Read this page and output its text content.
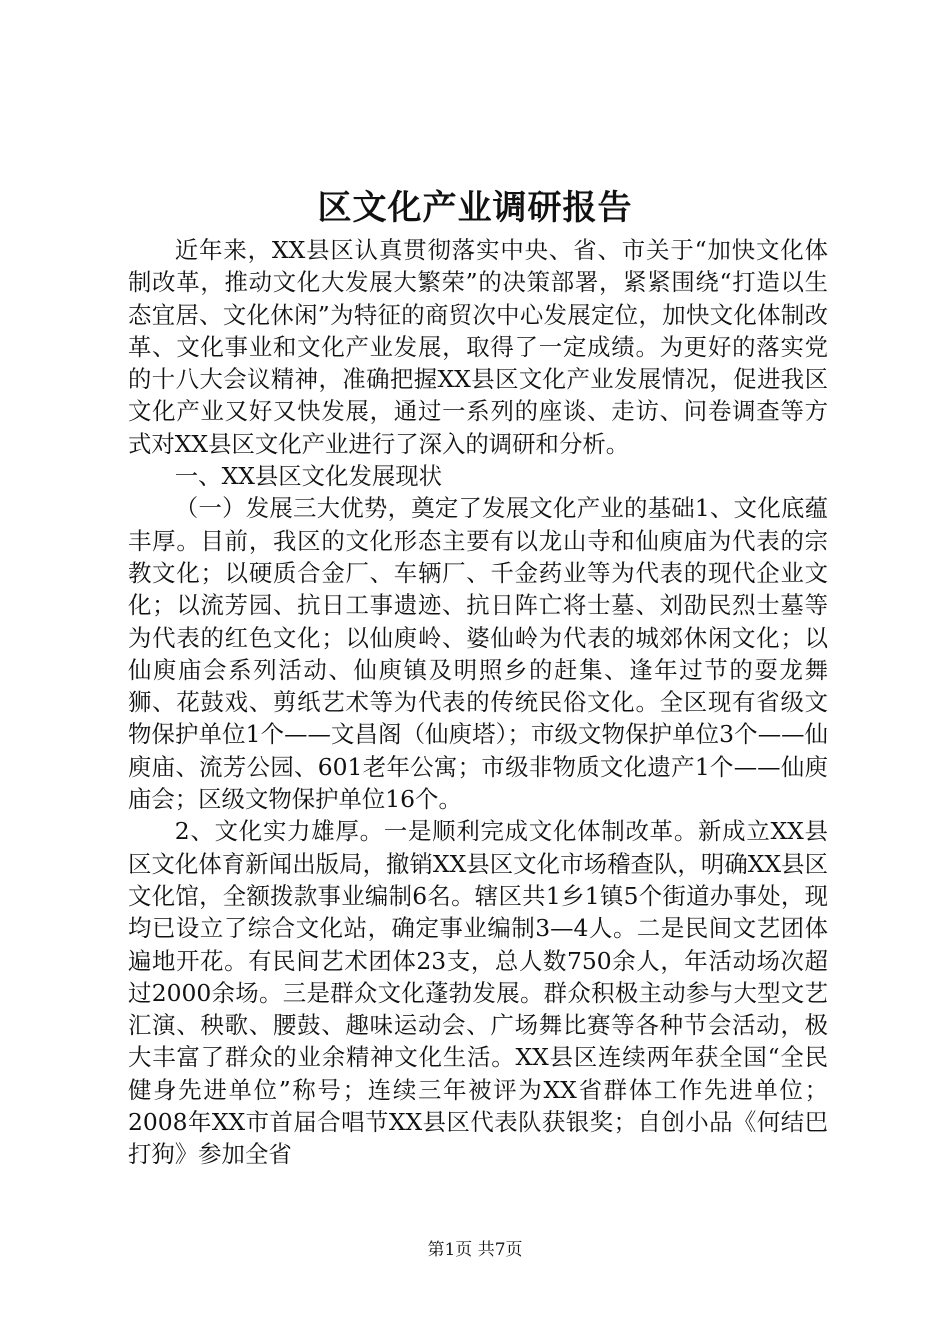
区文化产业调研报告

近年来，XX县区认真贯彻落实中央、省、市关于“加快文化体制改革，推动文化大发展大繁荣”的决策部署，紧紧围绕“打造以生态宜居、文化休闲”为特征的商贸次中心发展定位，加快文化体制改革、文化事业和文化产业发展，取得了一定成绩。为更好的落实党的十八大会议精神，准确把握XX县区文化产业发展情况，促进我区文化产业又好又快发展，通过一系列的座谈、走访、问卷调查等方式对XX县区文化产业进行了深入的调研和分析。

一、XX县区文化发展现状

（一）发展三大优势，奠定了发展文化产业的基础1、文化底蕴丰厚。目前，我区的文化形态主要有以龙山寺和仙庾庙为代表的宗教文化；以硬质合金厂、车辆厂、千金药业等为代表的现代企业文化；以流芳园、抗日工事遗迹、抗日阵亡将士墓、刘劭民烈士墓等为代表的红色文化；以仙庾岭、婆仙岭为代表的城郊休闲文化；以仙庾庙会系列活动、仙庾镇及明照乡的赶集、逢年过节的耍龙舞狮、花鼓戏、剪纸艺术等为代表的传统民俗文化。全区现有省级文物保护单位1个——文昌阁（仙庾塔）；市级文物保护单位3个——仙庾庙、流芳公园、601老年公寓；市级非物质文化遗产1个——仙庾庙会；区级文物保护单位16个。

2、文化实力雄厚。一是顺利完成文化体制改革。新成立XX县区文化体育新闻出版局，撤销XX县区文化市场稽查队，明确XX县区文化馆，全额拨款事业编制6名。辖区共1乡1镇5个街道办事处，现均已设立了综合文化站，确定事业编制3—4人。二是民间文艺团体遍地开花。有民间艺术团体23支，总人数750余人，年活动场次超过2000余场。三是群众文化蓬勃发展。群众积极主动参与大型文艺汇演、秧歌、腰鼓、趣味运动会、广场舞比赛等各种节会活动，极大丰富了群众的业余精神文化生活。XX县区连续两年获全国“全民健身先进单位”称号；连续三年被评为XX省群体工作先进单位；2008年XX市首届合唱节XX县区代表队获银奖；自创小品《何结巴打狗》参加全省

第1页 共7页
